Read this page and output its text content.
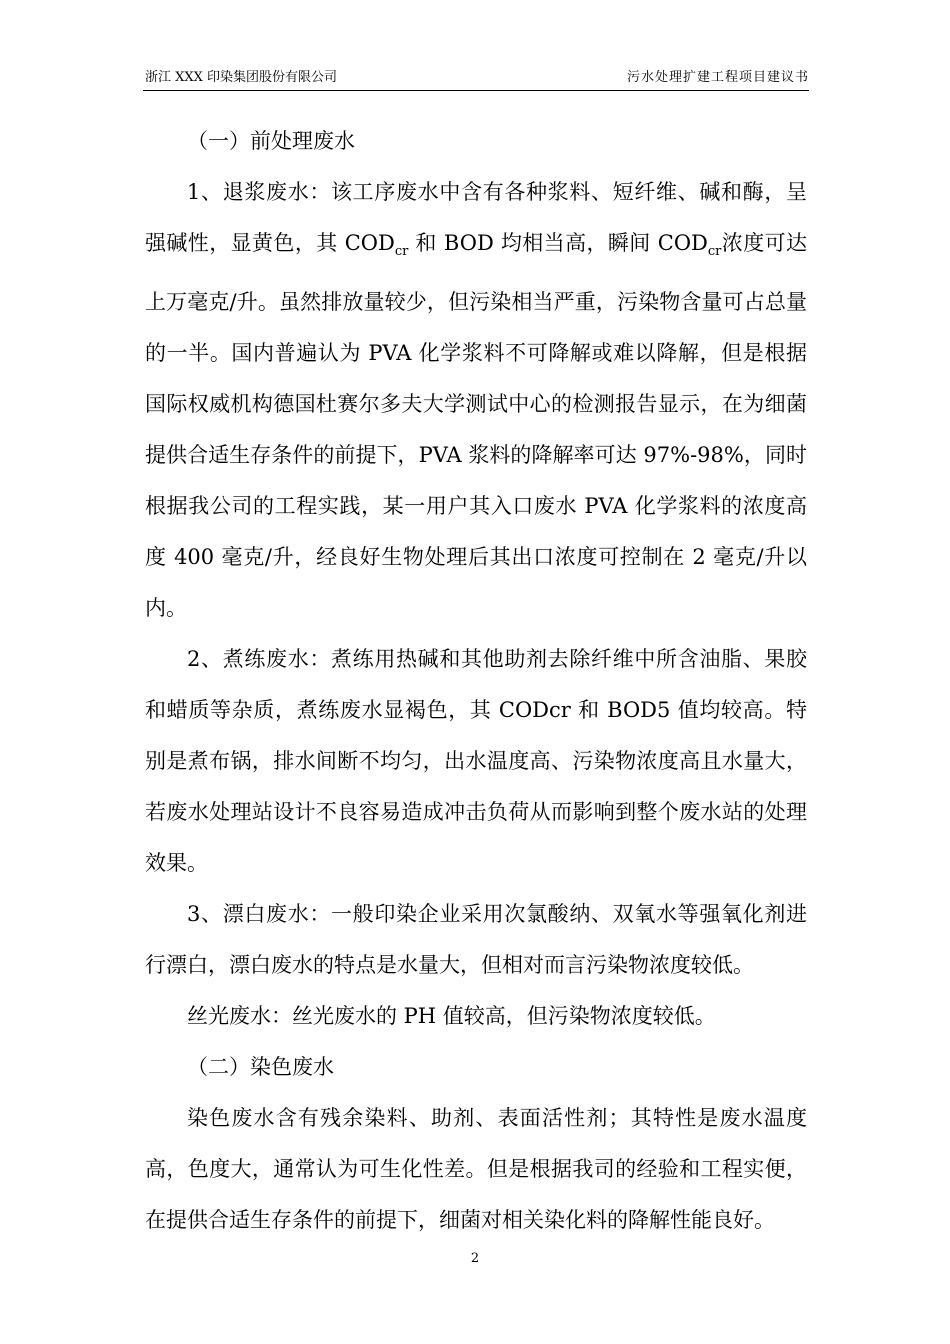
浙江 XXX 印染集团股份有限公司	污水处理扩建工程项目建议书

（一）前处理废水

1、退浆废水：该工序废水中含有各种浆料、短纤维、碱和酶，呈强碱性，显黄色，其 $COD_{cr}$ 和 BOD 均相当高，瞬间 $COD_{cr}$浓度可达上万毫克/升。虽然排放量较少，但污染相当严重，污染物含量可占总量的一半。国内普遍认为 PVA 化学浆料不可降解或难以降解，但是根据国际权威机构德国杜赛尔多夫大学测试中心的检测报告显示，在为细菌提供合适生存条件的前提下，PVA 浆料的降解率可达 97%-98%，同时根据我公司的工程实践，某一用户其入口废水 PVA 化学浆料的浓度高度 400 毫克/升，经良好生物处理后其出口浓度可控制在 2 毫克/升以内。

2、煮练废水：煮练用热碱和其他助剂去除纤维中所含油脂、果胶和蜡质等杂质，煮练废水显褐色，其 CODcr 和 BOD5 值均较高。特别是煮布锅，排水间断不均匀，出水温度高、污染物浓度高且水量大，若废水处理站设计不良容易造成冲击负荷从而影响到整个废水站的处理效果。

3、漂白废水：一般印染企业采用次氯酸纳、双氧水等强氧化剂进行漂白，漂白废水的特点是水量大，但相对而言污染物浓度较低。

丝光废水：丝光废水的 PH 值较高，但污染物浓度较低。

（二）染色废水

染色废水含有残余染料、助剂、表面活性剂；其特性是废水温度高，色度大，通常认为可生化性差。但是根据我司的经验和工程实便，在提供合适生存条件的前提下，细菌对相关染化料的降解性能良好。

2
